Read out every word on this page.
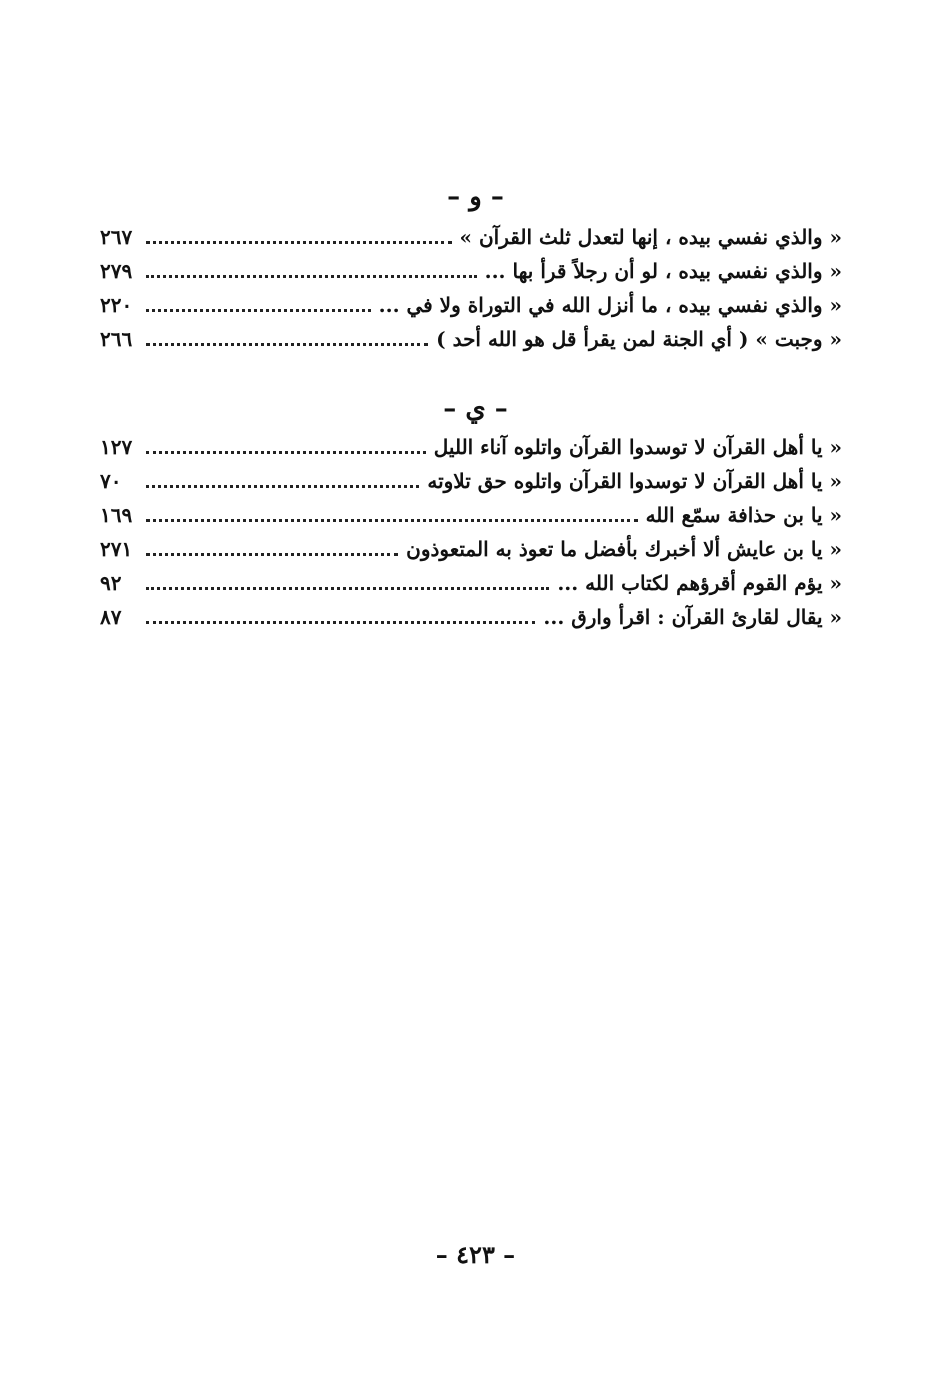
– و –
« والذي نفسي بيده ، إنها لتعدل ثلث القرآن »
٢٦٧
« والذي نفسي بيده ، لو أن رجلاً قرأ بها ...
٢٧٩
« والذي نفسي بيده ، ما أنزل الله في التوراة ولا في ...
٢٢٠
« وجبت » ( أي الجنة لمن يقرأ قل هو الله أحد )
٢٦٦
– ي –
« يا أهل القرآن لا توسدوا القرآن واتلوه آناء الليل
١٢٧
« يا أهل القرآن لا توسدوا القرآن واتلوه حق تلاوته
٧٠
« يا بن حذافة سمّع الله
١٦٩
« يا بن عايش ألا أخبرك بأفضل ما تعوذ به المتعوذون
٢٧١
« يؤم القوم أقرؤهم لكتاب الله ...
٩٢
« يقال لقارئ القرآن : اقرأ وارق ...
٨٧
– ٤٢٣ –
